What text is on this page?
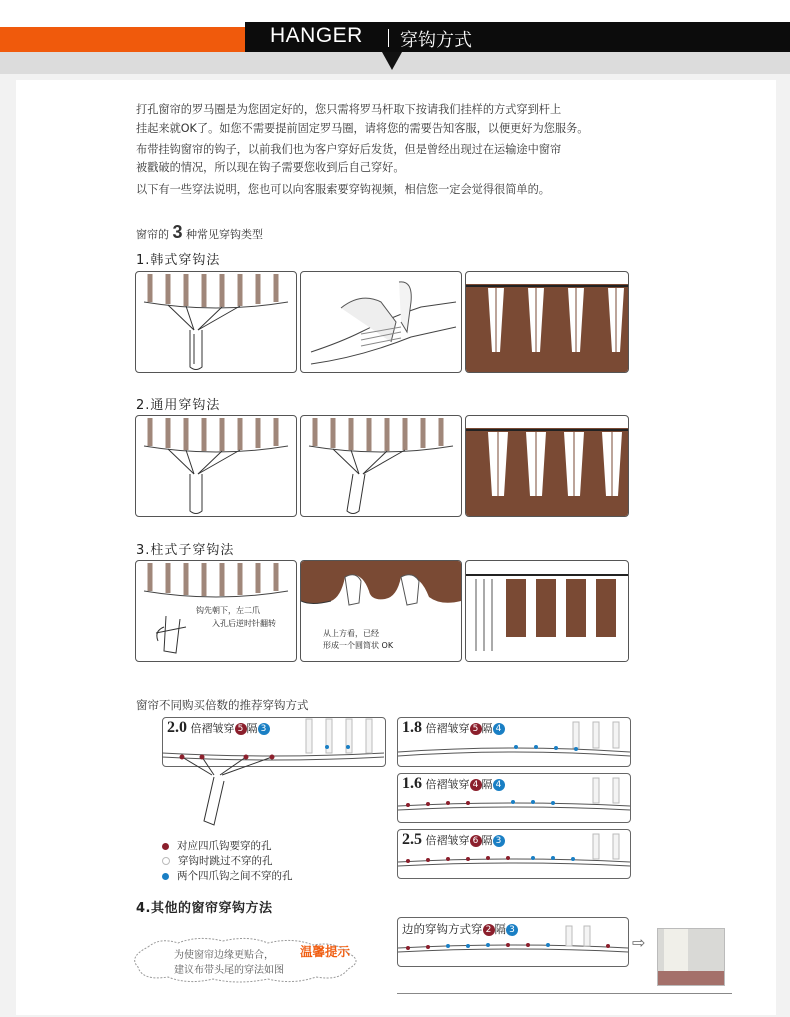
HANGER 穿钩方式
打孔窗帘的罗马圈是为您固定好的，您只需将罗马杆取下按请我们挂样的方式穿到杆上
挂起来就OK了。如您不需要提前固定罗马圈，请将您的需要告知客服，以便更好为您服务。
布带挂钩窗帘的钩子，以前我们也为客户穿好后发货，但是曾经出现过在运输途中窗帘
被戳破的情况，所以现在钩子需要您收到后自己穿好。
以下有一些穿法说明，您也可以向客服索要穿钩视频，相信您一定会觉得很简单的。
窗帘的 3 种常见穿钩类型
1.韩式穿钩法
2.通用穿钩法
3.柱式子穿钩法
钩先朝下，左二爪
入孔后逆时针翻转
从上方看，已经
形成一个圆筒状 OK
窗帘不同购买倍数的推荐穿钩方式
2.0 倍褶皱穿 5 隔 3	1.8 倍褶皱穿 5 隔 4
1.6 倍褶皱穿 4 隔 4
2.5 倍褶皱穿 6 隔 3
对应四爪钩要穿的孔
穿钩时跳过不穿的孔
两个四爪钩之间不穿的孔
4.其他的窗帘穿钩方法
边的穿钩方式穿 2 隔 3
⇨
为使窗帘边缘更贴合，
建议布带头尾的穿法如图
温馨提示
